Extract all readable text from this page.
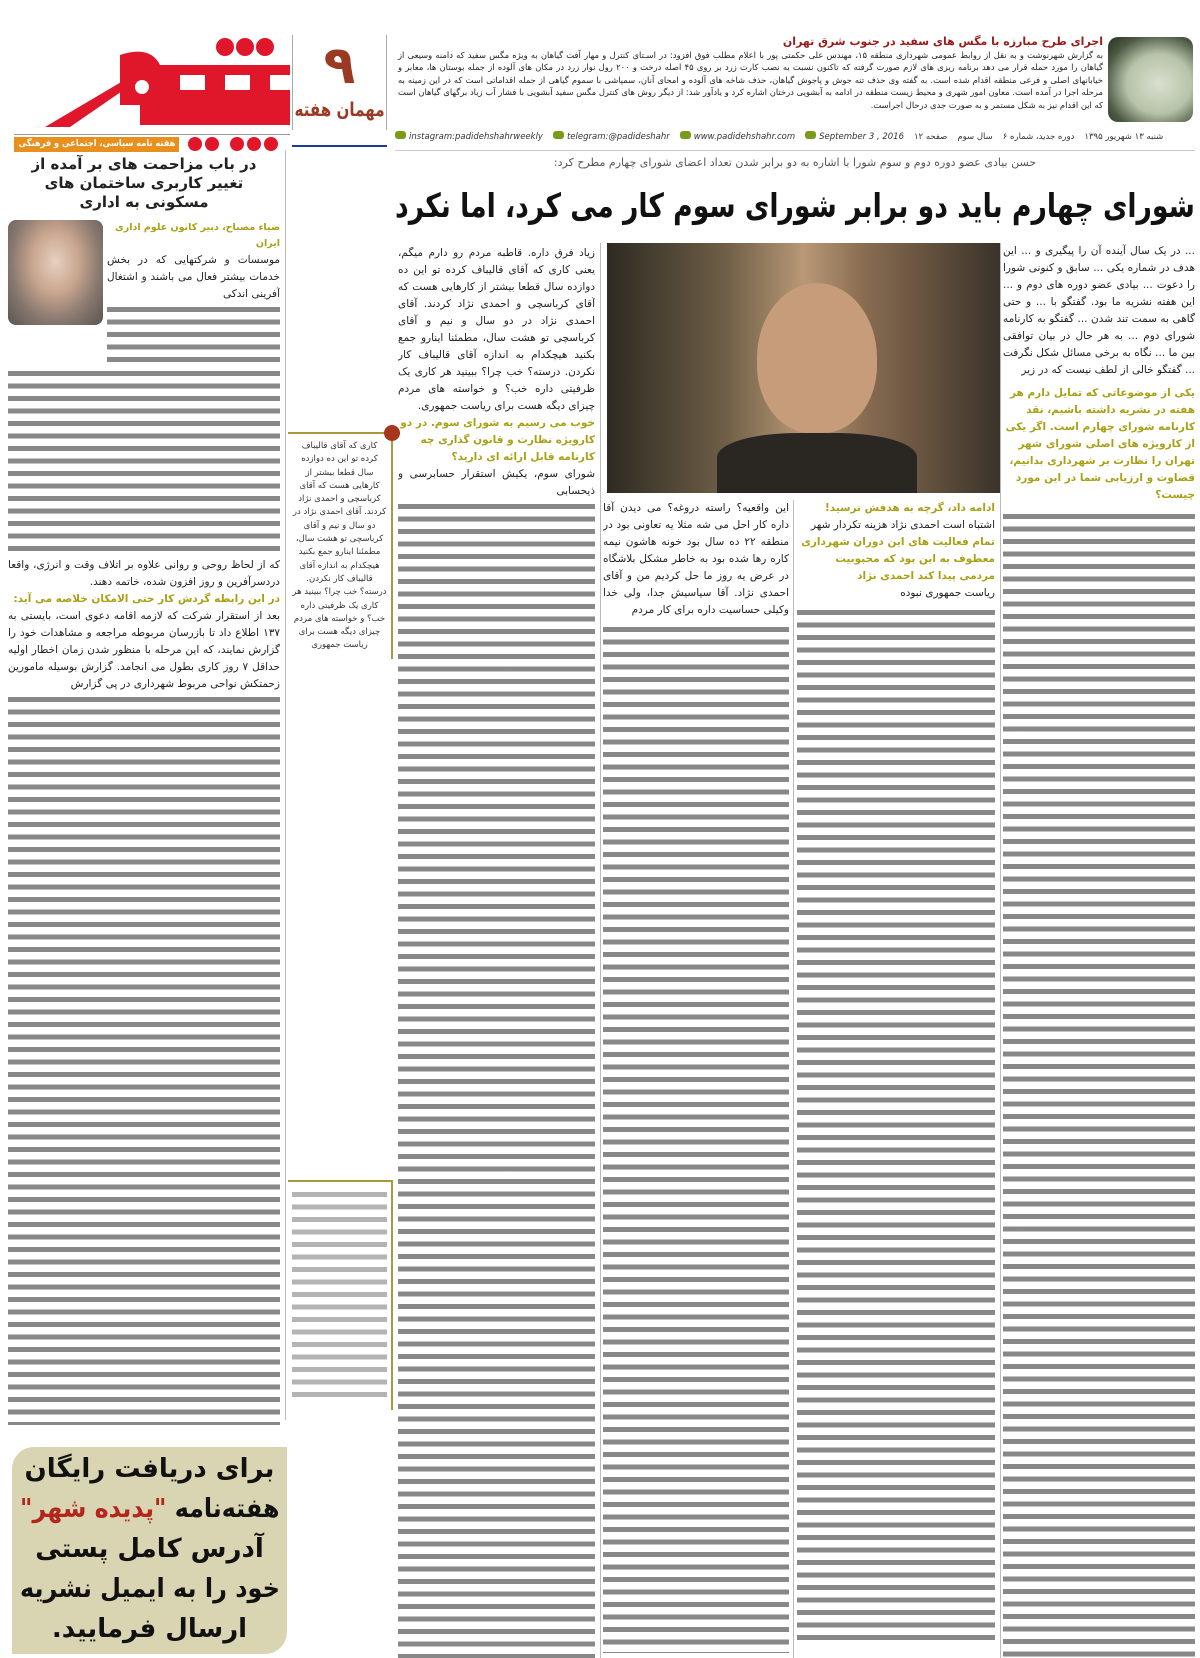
هفته نامه سیاسی، اجتماعی و فرهنگی
۹
مهمان هفته
اجرای طرح مبارزه با مگس های سفید در جنوب شرق تهران
به گزارش شهرنوشت و به نقل از روابط عمومی شهرداری منطقه ۱۵، مهندس علی حکمتی پور با اعلام مطلب فوق افزود: در اسـتای کنترل و مهار آفت گیاهان به ویژه مگس سفید که دامنه وسیعی از گیاهان را مورد حمله قرار می دهد برنامه ریزی های لازم صورت گرفته که تاکنون نسبت به نصب کارت زرد بر روی ۴۵ اصله درخت و ۲۰۰ رول نوار زرد در مکان های آلوده از جمله بوستان ها، معابر و خیابانهای اصلی و فرعی منطقه اقدام شده است. به گفته وی حذف تنه جوش و پاجوش گیاهان، حذف شاخه های آلوده و امحای آنان، سمپاشی با سموم گیاهی از جمله اقداماتی است که در این زمینه به مرحله اجرا در آمده است. معاون امور شهری و محیط زیست منطقه در ادامه به آبشویی درختان اشاره کرد و یادآور شد: از دیگر روش های کنترل مگس سفید آبشویی با فشار آب زیاد برگهای گیاهان است که این اقدام نیز به شکل مستمر و به صورت جدی درحال اجراست.
instagram:padidehshahrweekly	telegram:@padideshahr	www.padidehshahr.com	September 3 , 2016 ۱۲ صفحه سال سوم دوره جدید، شماره ۶ شنبه ۱۳ شهریور ۱۳۹۵
حسن بیادی عضو دوره دوم و سوم شورا با اشاره به دو برابر شدن تعداد اعضای شورای چهارم مطرح کرد:
شورای چهارم باید دو برابر شورای سوم کار می کرد، اما نکرد
... در یک سال آینده آن را پیگیری و ... این هدف در شماره یکی ... سابق و کنونی شورا را دعوت ... بیادی عضو دوره های دوم و ... این هفته نشریه ما بود. گفتگو با ... و حتی گاهی به سمت تند شدن ... گفتگو به کارنامه شورای دوم ... به هر حال در بیان توافقی بین ما ... نگاه به برخی مسائل شکل نگرفت ... گفتگو خالی از لطف نیست که در زیر
یکی از موضوعاتی که تمایل دارم هر هفته در نشریه داشته باشیم، نقد کارنامه شورای چهارم است. اگر یکی از کارویژه های اصلی شورای شهر تهران را نظارت بر شهرداری بدانیم، قضاوت و ارزیابی شما در این مورد چیست؟
ادامه داد، گرچه به هدفش نرسید!
اشتباه است احمدی نژاد هزینه تکردار شهر
تمام فعالیت های این دوران شهرداری معطوف به این بود که محبوبیت مردمی پیدا کند احمدی نژاد
ریاست جمهوری نبوده
این واقعیه؟ راسته دروغه؟ می دیدن آقا داره کار احل می شه مثلا یه تعاونی بود در منطقه ۲۲ ده سال بود خونه هاشون نیمه کاره رها شده بود به خاطر مشکل بلاشگاه در عرض یه روز ما حل کردیم من و آقای احمدی نژاد. آقا سیاسیش جدا، ولی خدا وکیلی حساسیت داره برای کار مردم
زیاد فرق داره. قاطبه مردم رو دارم میگم، یعنی کاری که آقای قالیباف کرده تو این ده دوازده سال قطعا بیشتر از کارهایی هست که آقای کرباسچی و احمدی نژاد کردند. آقای احمدی نژاد در دو سال و نیم و آقای کرباسچی تو هشت سال، مطمئنا اینارو جمع بکنید هیچکدام به اندازه آقای قالیباف کار نکردن. درسته؟ خب چرا؟ ببینید هر کاری یک ظرفیتی داره خب؟ و خواسته های مردم چیزای دیگه هست برای ریاست جمهوری.
خوب می رسیم به شورای سوم. در دو کارویژه نظارت و قانون گذاری چه کارنامه قابل ارائه ای دارید؟
شورای سوم، یکیش استقرار حسابرسی و ذیحسابی
کاری که آقای قالیباف کرده تو این ده دوازده سال قطعا بیشتر از کارهایی هست که آقای کرباسچی و احمدی نژاد کردند. آقای احمدی نژاد در دو سال و نیم و آقای کرباسچی تو هشت سال، مطمئنا اینارو جمع بکنید هیچکدام به اندازه آقای قالیباف کار نکردن. درسته؟ خب چرا؟ ببینید هر کاری یک ظرفیتی داره خب؟ و خواسته های مردم چیزای دیگه هست برای ریاست جمهوری
در باب مزاحمت های بر آمده از تغییر کاربری ساختمان های مسکونی به اداری
ضیاء مصباح، دبیر کانون علوم اداری ایران
موسسات و شرکتهایی که در بخش خدمات بیشتر فعال می باشند و اشتغال آفرینی اندکی
که از لحاظ روحی و روانی علاوه بر اتلاف وقت و انرژی، واقعا دردسرآفرین و روز افزون شده، خاتمه دهند.
در این رابطه گردش کار حتی الامکان خلاصه می آید:
بعد از استقرار شرکت که لازمه اقامه دعوی است، بایستی به ۱۳۷ اطلاع داد تا بازرسان مربوطه مراجعه و مشاهدات خود را گزارش نمایند، که این مرحله با منظور شدن زمان اخطار اولیه حداقل ۷ روز کاری بطول می انجامد. گزارش بوسیله مامورین زحمتکش نواحی مربوط شهرداری در پی گزارش
برای دریافت رایگان
هفته‌نامه "پدیده شهر"
آدرس کامل پستی
خود را به ایمیل نشریه
ارسال فرمایید.
